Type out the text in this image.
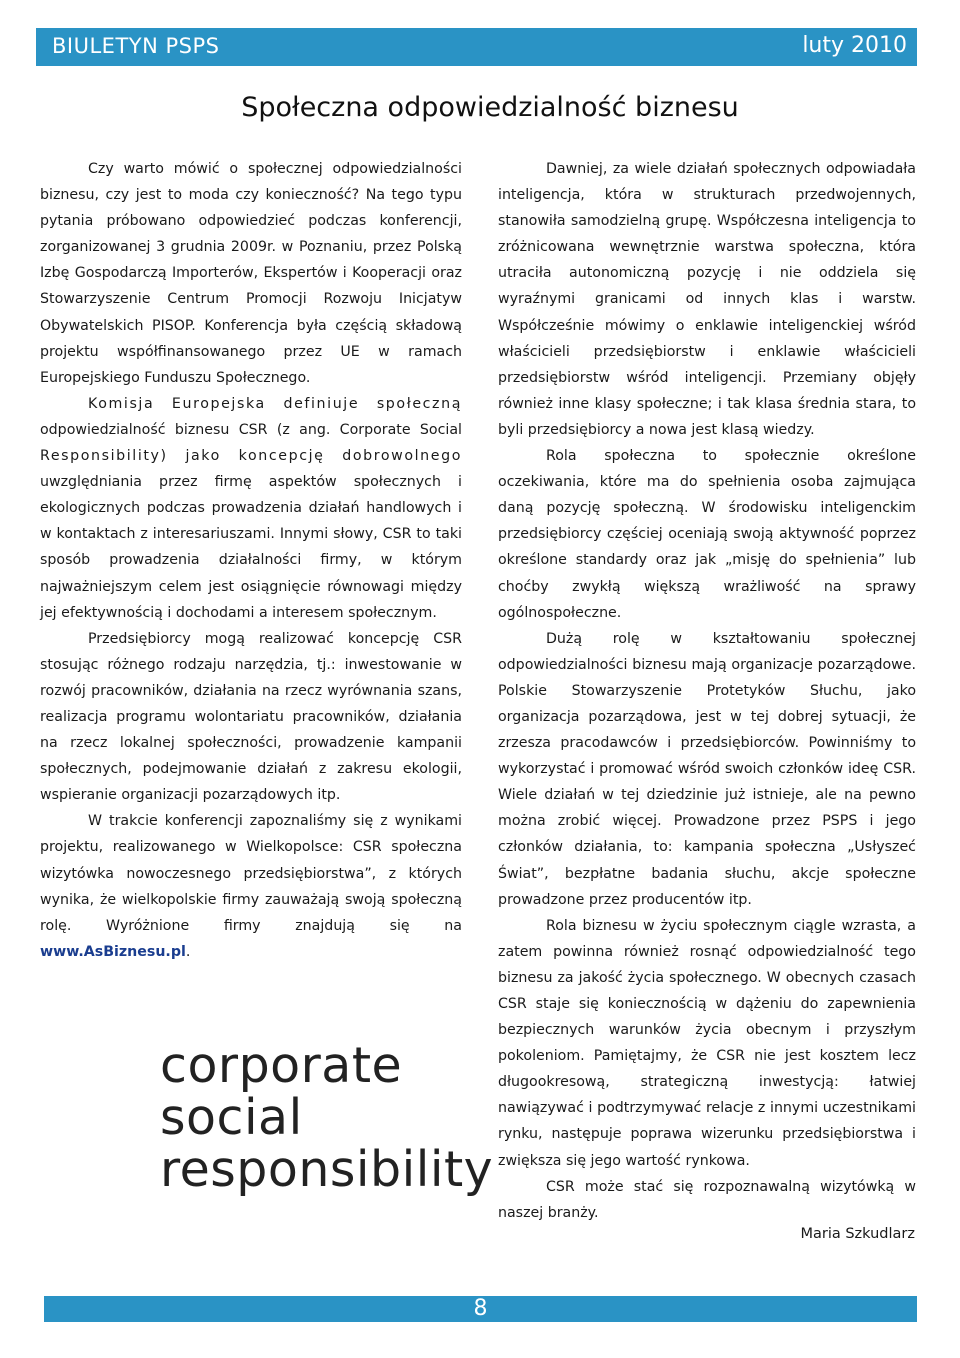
BIULETYN PSPS	luty 2010
Społeczna odpowiedzialność biznesu

Czy warto mówić o społecznej odpowiedzialności biznesu, czy jest to moda czy konieczność? Na tego typu pytania próbowano odpowiedzieć podczas konferencji, zorganizowanej 3 grudnia 2009r. w Poznaniu, przez Polską Izbę Gospodarczą Importerów, Ekspertów i Kooperacji oraz Stowarzyszenie Centrum Promocji Rozwoju Inicjatyw Obywatelskich PISOP. Konferencja była częścią składową projektu współfinansowanego przez UE w ramach Europejskiego Funduszu Społecznego.

Komisja Europejska definiuje społeczną odpowiedzialność biznesu CSR (z ang. Corporate Social Responsibility) jako koncepcję dobrowolnego uwzględniania przez firmę aspektów społecznych i ekologicznych podczas prowadzenia działań handlowych i w kontaktach z interesariuszami. Innymi słowy, CSR to taki sposób prowadzenia działalności firmy, w którym najważniejszym celem jest osiągnięcie równowagi między jej efektywnością i dochodami a interesem społecznym.

Przedsiębiorcy mogą realizować koncepcję CSR stosując różnego rodzaju narzędzia, tj.: inwestowanie w rozwój pracowników, działania na rzecz wyrównania szans, realizacja programu wolontariatu pracowników, działania na rzecz lokalnej społeczności, prowadzenie kampanii społecznych, podejmowanie działań z zakresu ekologii, wspieranie organizacji pozarządowych itp.

W trakcie konferencji zapoznaliśmy się z wynikami projektu, realizowanego w Wielkopolsce: CSR społeczna wizytówka nowoczesnego przedsiębiorstwa”, z których wynika, że wielkopolskie firmy zauważają swoją społeczną rolę. Wyróżnione firmy znajdują się na www.AsBiznesu.pl.

corporate
social
responsibility

Dawniej, za wiele działań społecznych odpowiadała inteligencja, która w strukturach przedwojennych, stanowiła samodzielną grupę. Współczesna inteligencja to zróżnicowana wewnętrznie warstwa społeczna, która utraciła autonomiczną pozycję i nie oddziela się wyraźnymi granicami od innych klas i warstw. Współcześnie mówimy o enklawie inteligenckiej wśród właścicieli przedsiębiorstw i enklawie właścicieli przedsiębiorstw wśród inteligencji. Przemiany objęły również inne klasy społeczne; i tak klasa średnia stara, to byli przedsiębiorcy a nowa jest klasą wiedzy.

Rola społeczna to społecznie określone oczekiwania, które ma do spełnienia osoba zajmująca daną pozycję społeczną. W środowisku inteligenckim przedsiębiorcy częściej oceniają swoją aktywność poprzez określone standardy oraz jak „misję do spełnienia” lub choćby zwykłą większą wrażliwość na sprawy ogólnospołeczne.

Dużą rolę w kształtowaniu społecznej odpowiedzialności biznesu mają organizacje pozarządowe. Polskie Stowarzyszenie Protetyków Słuchu, jako organizacja pozarządowa, jest w tej dobrej sytuacji, że zrzesza pracodawców i przedsiębiorców. Powinniśmy to wykorzystać i promować wśród swoich członków ideę CSR. Wiele działań w tej dziedzinie już istnieje, ale na pewno można zrobić więcej. Prowadzone przez PSPS i jego członków działania, to: kampania społeczna „Usłyszeć Świat”, bezpłatne badania słuchu, akcje społeczne prowadzone przez producentów itp.

Rola biznesu w życiu społecznym ciągle wzrasta, a zatem powinna również rosnąć odpowiedzialność tego biznesu za jakość życia społecznego. W obecnych czasach CSR staje się koniecznością w dążeniu do zapewnienia bezpiecznych warunków życia obecnym i przyszłym pokoleniom. Pamiętajmy, że CSR nie jest kosztem lecz długookresową, strategiczną inwestycją: łatwiej nawiązywać i podtrzymywać relacje z innymi uczestnikami rynku, następuje poprawa wizerunku przedsiębiorstwa i zwiększa się jego wartość rynkowa.

CSR może stać się rozpoznawalną wizytówką w naszej branży.

Maria Szkudlarz
8
